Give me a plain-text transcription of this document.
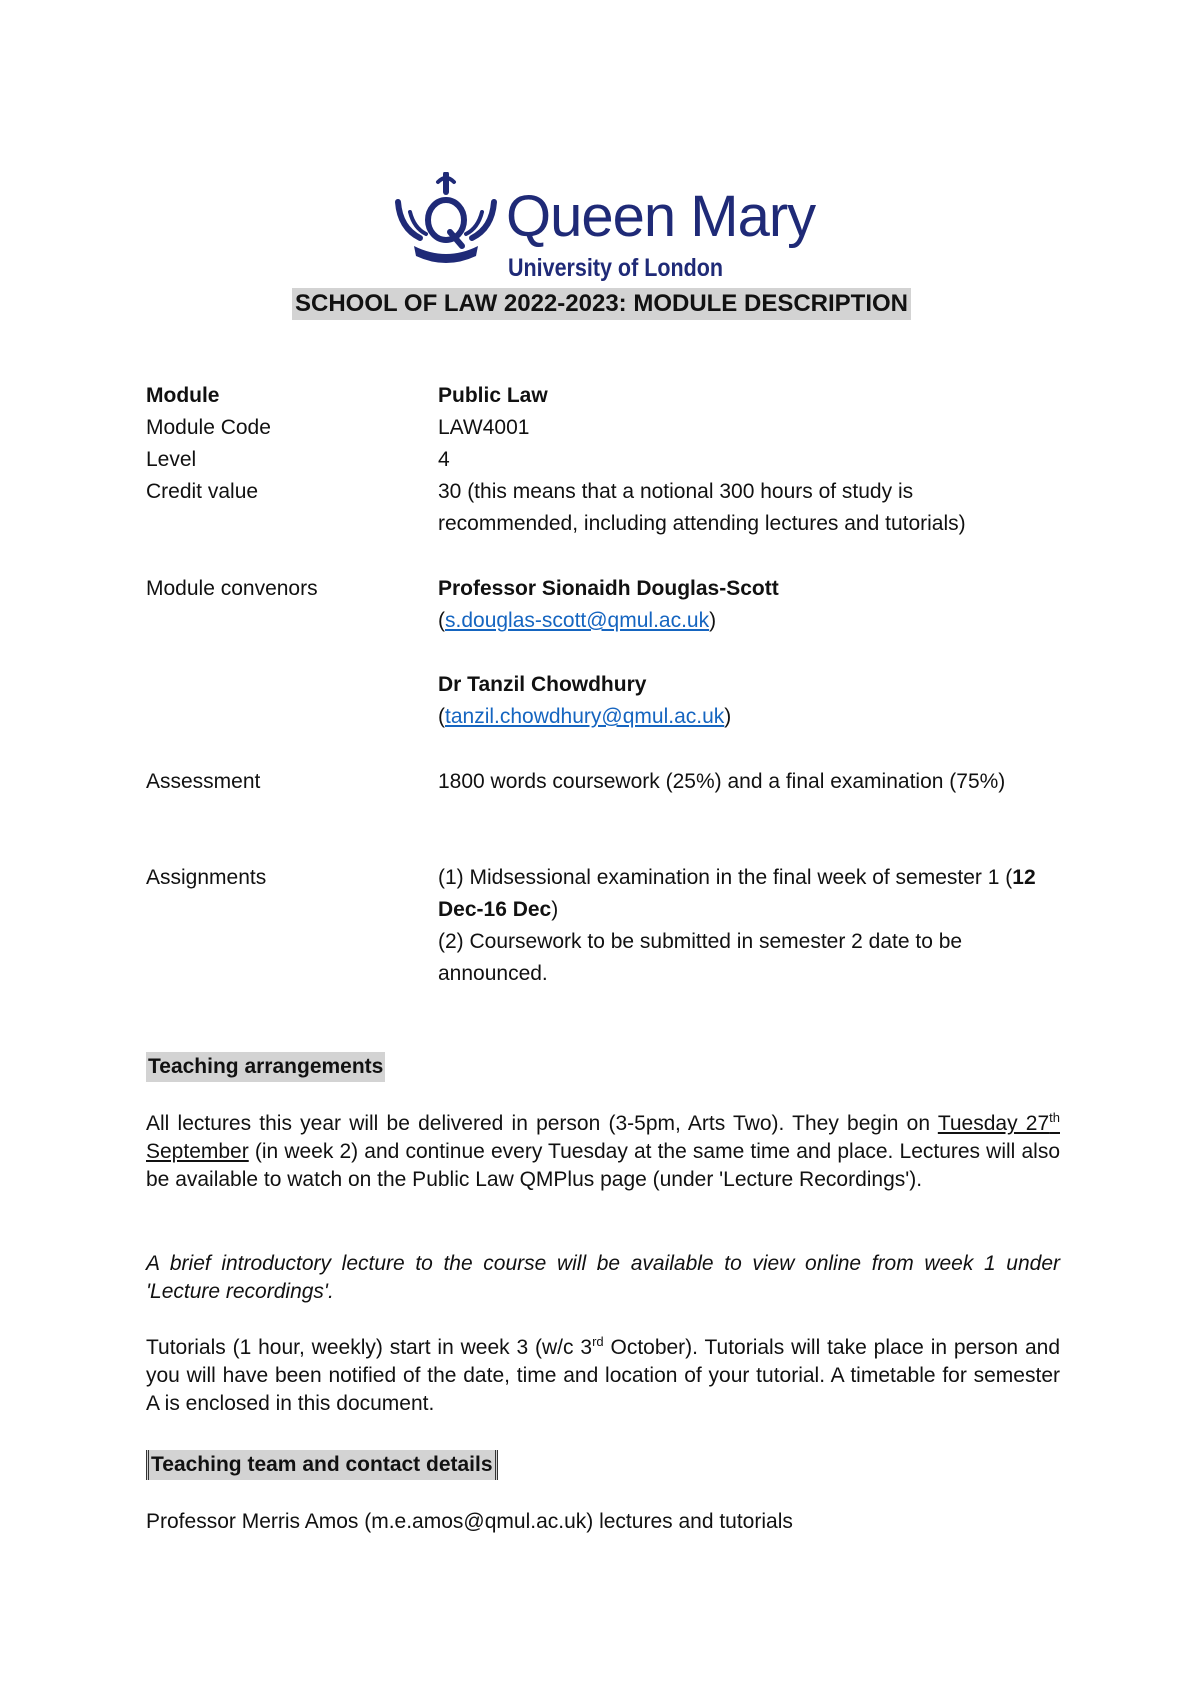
Queen Mary
University of London
SCHOOL OF LAW 2022-2023: MODULE DESCRIPTION
Module	Public Law
Module Code	LAW4001
Level	4
Credit value	30 (this means that a notional 300 hours of study is recommended, including attending lectures and tutorials)
Module convenors	Professor Sionaidh Douglas-Scott
(s.douglas-scott@qmul.ac.uk)
Dr Tanzil Chowdhury
(tanzil.chowdhury@qmul.ac.uk)
Assessment	1800 words coursework (25%) and a final examination (75%)
Assignments	(1) Midsessional examination in the final week of semester 1 (12 Dec-16 Dec)
(2) Coursework to be submitted in semester 2 date to be announced.
Teaching arrangements
All lectures this year will be delivered in person (3-5pm, Arts Two). They begin on Tuesday 27th September (in week 2) and continue every Tuesday at the same time and place. Lectures will also be available to watch on the Public Law QMPlus page (under 'Lecture Recordings').
A brief introductory lecture to the course will be available to view online from week 1 under 'Lecture recordings'.
Tutorials (1 hour, weekly) start in week 3 (w/c 3rd October). Tutorials will take place in person and you will have been notified of the date, time and location of your tutorial. A timetable for semester A is enclosed in this document.
Teaching team and contact details
Professor Merris Amos (m.e.amos@qmul.ac.uk) lectures and tutorials
